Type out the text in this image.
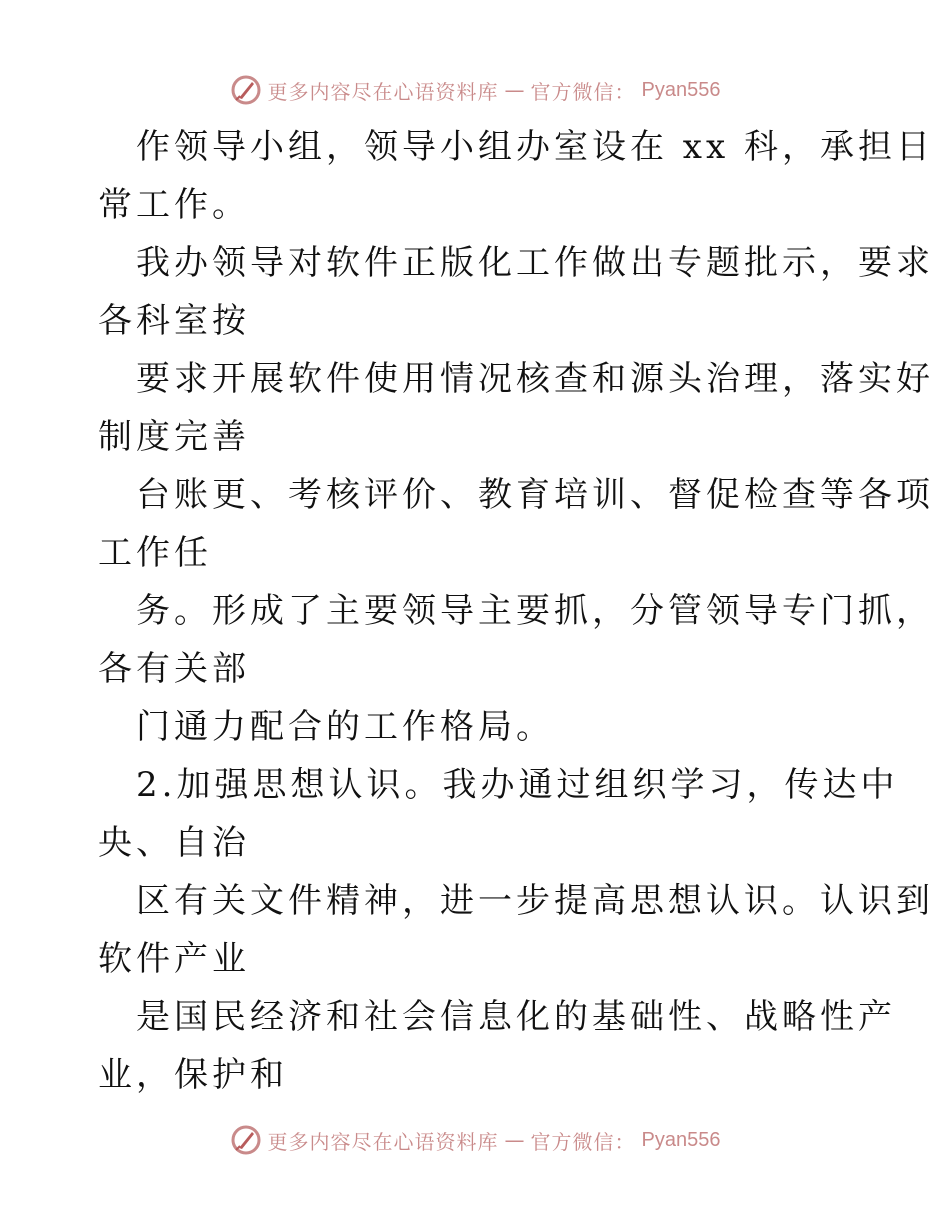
更多内容尽在心语资料库 — 官方微信： Pyan556
作领导小组，领导小组办室设在 xx 科，承担日
常工作。
我办领导对软件正版化工作做出专题批示，要求
各科室按
要求开展软件使用情况核查和源头治理，落实好
制度完善
台账更、考核评价、教育培训、督促检查等各项
工作任
务。形成了主要领导主要抓，分管领导专门抓，
各有关部
门通力配合的工作格局。
2.加强思想认识。我办通过组织学习，传达中
央、自治
区有关文件精神，进一步提高思想认识。认识到
软件产业
是国民经济和社会信息化的基础性、战略性产
业，保护和
更多内容尽在心语资料库 — 官方微信： Pyan556
